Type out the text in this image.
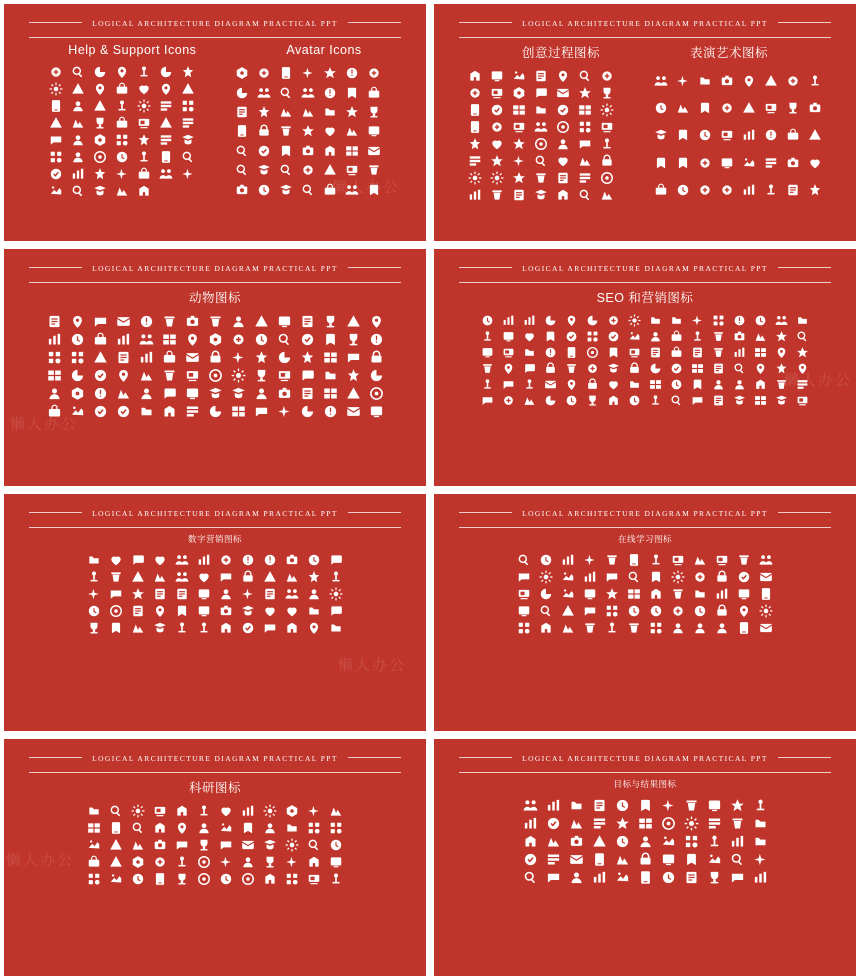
LOGICAL ARCHITECTURE DIAGRAM PRACTICAL PPT
Help & Support Icons	Avatar Icons
懒人办公
LOGICAL ARCHITECTURE DIAGRAM PRACTICAL PPT
创意过程图标	表演艺术图标
LOGICAL ARCHITECTURE DIAGRAM PRACTICAL PPT
动物图标
懒人办公
LOGICAL ARCHITECTURE DIAGRAM PRACTICAL PPT
SEO 和营销图标
懒人办公
LOGICAL ARCHITECTURE DIAGRAM PRACTICAL PPT
数字营销图标
懒人办公
LOGICAL ARCHITECTURE DIAGRAM PRACTICAL PPT
在线学习图标
LOGICAL ARCHITECTURE DIAGRAM PRACTICAL PPT
科研图标
懒人办公
LOGICAL ARCHITECTURE DIAGRAM PRACTICAL PPT
目标与结果图标
